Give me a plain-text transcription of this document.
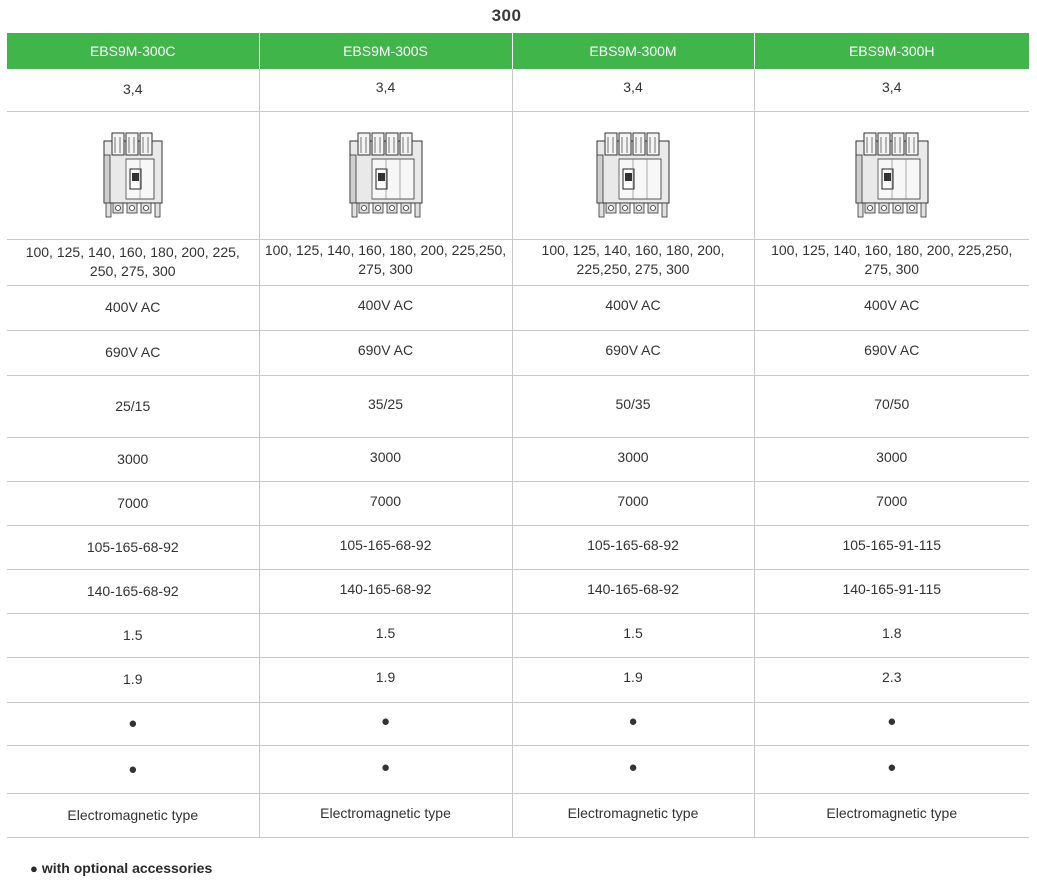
300
EBS9M-300C	EBS9M-300S	EBS9M-300M	EBS9M-300H
3,4	3,4	3,4	3,4

100, 125, 140, 160, 180, 200, 225, 250, 275, 300	100, 125, 140, 160, 180, 200, 225,250, 275, 300	100, 125, 140, 160, 180, 200, 225,250, 275, 300	100, 125, 140, 160, 180, 200, 225,250, 275, 300
400V AC	400V AC	400V AC	400V AC
690V AC	690V AC	690V AC	690V AC
25/15	35/25	50/35	70/50
3000	3000	3000	3000
7000	7000	7000	7000
105-165-68-92	105-165-68-92	105-165-68-92	105-165-91-115
140-165-68-92	140-165-68-92	140-165-68-92	140-165-91-115
1.5	1.5	1.5	1.8
1.9	1.9	1.9	2.3
●	●	●	●
●	●	●	●
Electromagnetic type	Electromagnetic type	Electromagnetic type	Electromagnetic type
● with optional accessories
